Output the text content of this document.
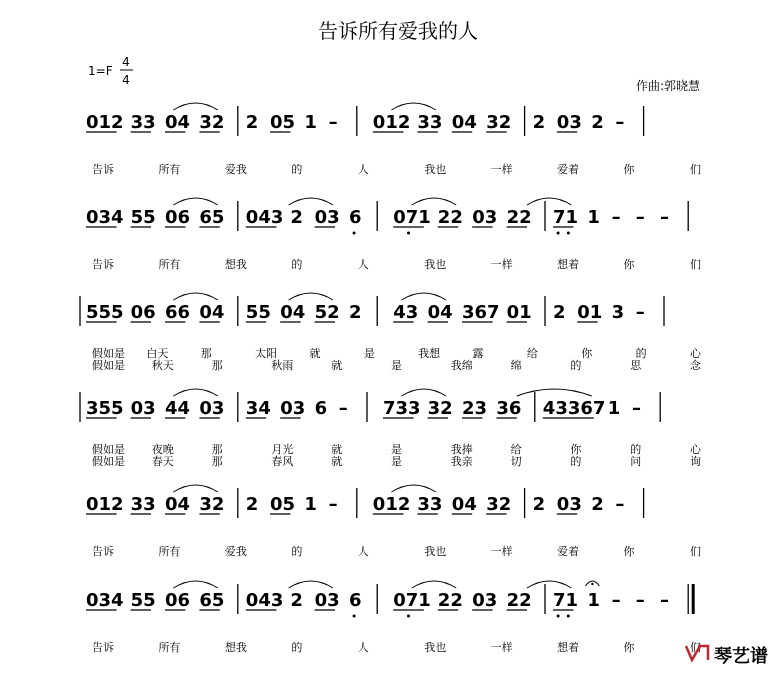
告诉所有爱我的人
1=F
4
4	作曲:郭晓慧
012 33 04 32 2 05 1 – 012 33 04 32 2 03 2 –
告诉	所有	爱我	的	人	我也	一样	爱着	你	们
034 55 06 65 043 2 03 6 071 22 03 22 71 1 – – –
告诉	所有	想我	的	人	我也	一样	想着	你	们
555 06 66 04 55 04 52 2 43 04 367 01 2 01 3 –
假如是 白天	那	太阳	就	是	我想	露	给	你	的	心
假如是 秋天	那	秋雨	就	是	我绵	绵	的	思	念
355 03 44 03 34 03 6 – 733 32 23 36 43367 1 –
假如是 夜晚	那	月光	就	是	我捧	给	你	的	心
假如是 春天	那	春风	就	是	我亲	切	的	问	询
012 33 04 32 2 05 1 – 012 33 04 32 2 03 2 –
告诉	所有	爱我	的	人	我也	一样	爱着	你	们
034 55 06 65 043 2 03 6 071 22 03 22 71 1 – – –
告诉	所有	想我	的	人	我也	一样	想着	你	们 琴艺谱
